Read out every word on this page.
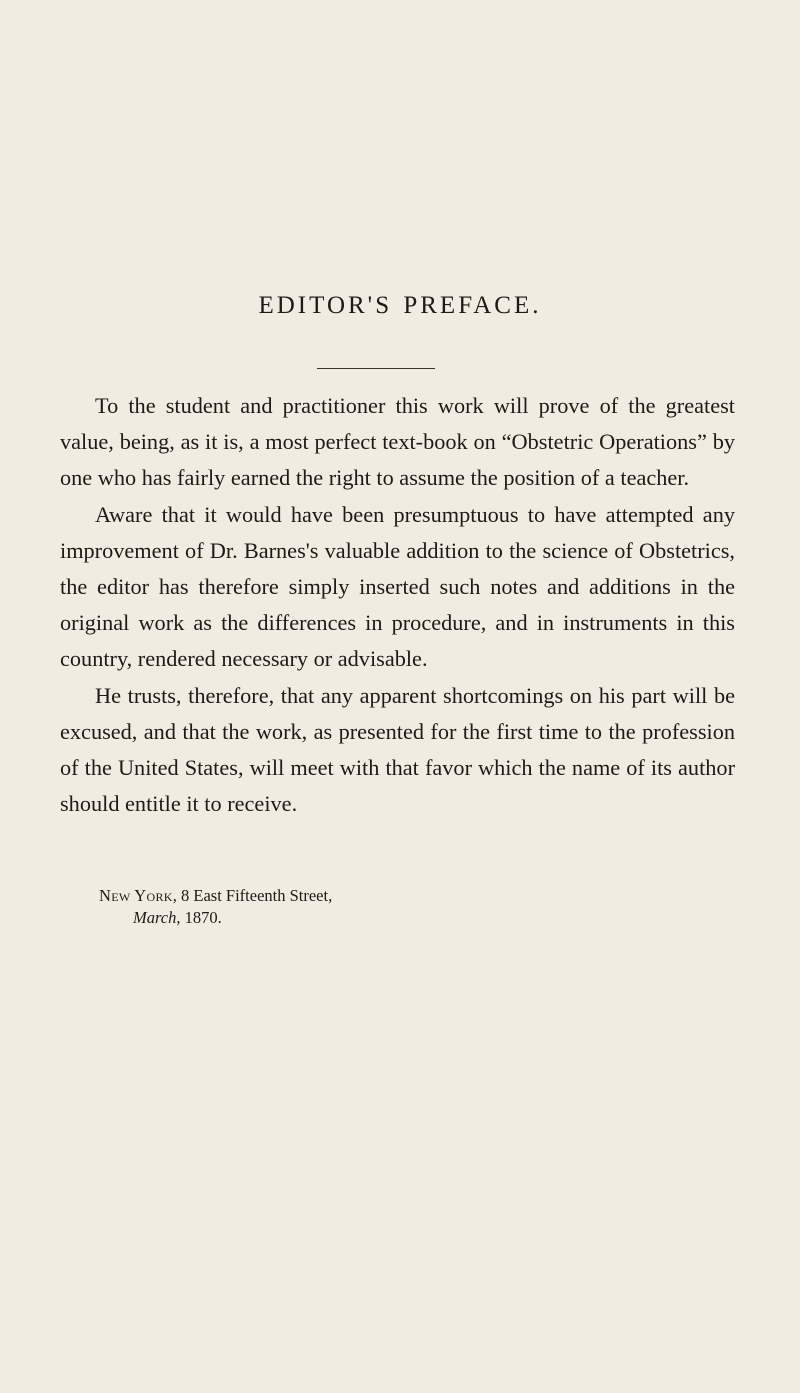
EDITOR'S PREFACE.

To the student and practitioner this work will prove of the greatest value, being, as it is, a most perfect text-book on “Obstetric Operations” by one who has fairly earned the right to assume the position of a teacher.

Aware that it would have been presumptuous to have attempted any improvement of Dr. Barnes's valuable addition to the science of Obstetrics, the editor has therefore simply inserted such notes and additions in the original work as the differences in procedure, and in instruments in this country, rendered necessary or advisable.

He trusts, therefore, that any apparent shortcomings on his part will be excused, and that the work, as presented for the first time to the profession of the United States, will meet with that favor which the name of its author should entitle it to receive.

New York, 8 East Fifteenth Street,
March, 1870.
